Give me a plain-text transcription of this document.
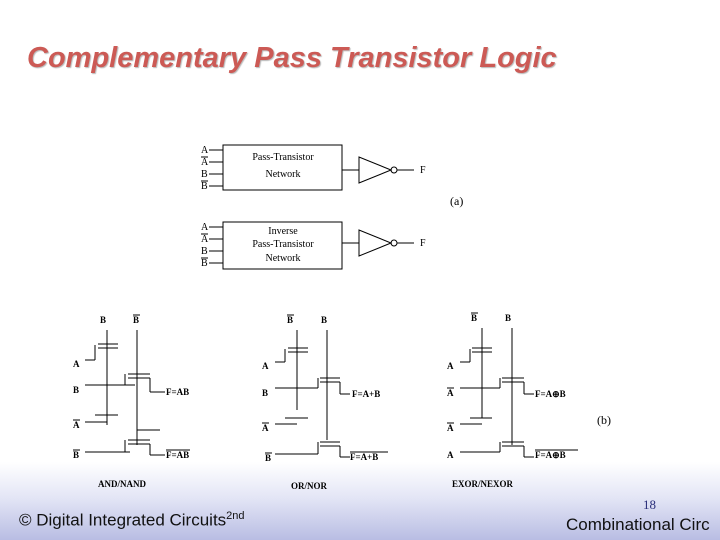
Complementary Pass Transistor Logic
A
A
B
B
A
A
B
B
Pass-Transistor
Network	F
(a)
Inverse
Pass-Transistor
Network
F
B	B
A
B
A
B
F=AB
F=AB
AND/NAND
B	B
A
B
A
B
F=A+B
F=A+B
OR/NOR
B	B
A
A
A
A
F=A⊕B
F=A⊕B
EXOR/NEXOR
(b)
© Digital Integrated Circuits$^{2nd}$
18
Combinational Circ
